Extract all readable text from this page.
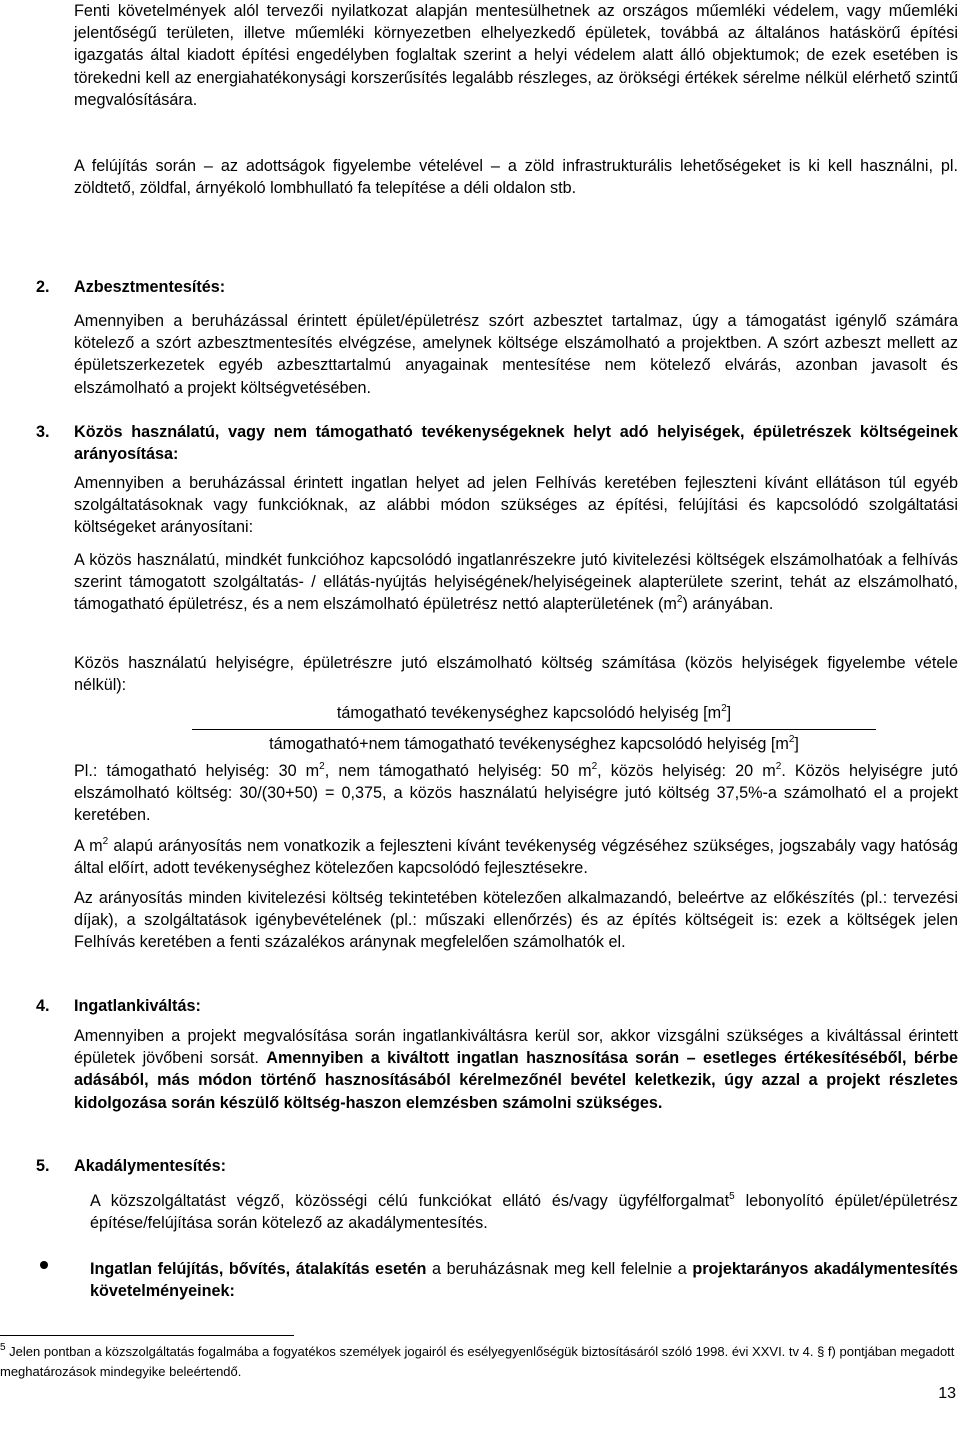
Fenti követelmények alól tervezői nyilatkozat alapján mentesülhetnek az országos műemléki védelem, vagy műemléki jelentőségű területen, illetve műemléki környezetben elhelyezkedő épületek, továbbá az általános hatáskörű építési igazgatás által kiadott építési engedélyben foglaltak szerint a helyi védelem alatt álló objektumok; de ezek esetében is törekedni kell az energiahatékonysági korszerűsítés legalább részleges, az örökségi értékek sérelme nélkül elérhető szintű megvalósítására.

A felújítás során – az adottságok figyelembe vételével – a zöld infrastrukturális lehetőségeket is ki kell használni, pl. zöldtető, zöldfal, árnyékoló lombhullató fa telepítése a déli oldalon stb.

2. Azbesztmentesítés:

Amennyiben a beruházással érintett épület/épületrész szórt azbesztet tartalmaz, úgy a támogatást igénylő számára kötelező a szórt azbesztmentesítés elvégzése, amelynek költsége elszámolható a projektben. A szórt azbeszt mellett az épületszerkezetek egyéb azbeszttartalmú anyagainak mentesítése nem kötelező elvárás, azonban javasolt és elszámolható a projekt költségvetésében.

3. Közös használatú, vagy nem támogatható tevékenységeknek helyt adó helyiségek, épületrészek költségeinek arányosítása:

Amennyiben a beruházással érintett ingatlan helyet ad jelen Felhívás keretében fejleszteni kívánt ellátáson túl egyéb szolgáltatásoknak vagy funkcióknak, az alábbi módon szükséges az építési, felújítási és kapcsolódó szolgáltatási költségeket arányosítani:

A közös használatú, mindkét funkcióhoz kapcsolódó ingatlanrészekre jutó kivitelezési költségek elszámolhatóak a felhívás szerint támogatott szolgáltatás- / ellátás-nyújtás helyiségének/helyiségeinek alapterülete szerint, tehát az elszámolható, támogatható épületrész, és a nem elszámolható épületrész nettó alapterületének $(m^2)$ arányában.

Közös használatú helyiségre, épületrészre jutó elszámolható költség számítása (közös helyiségek figyelembe vétele nélkül):

támogatható tevékenységhez kapcsolódó helyiség $[m^2]$
támogatható+nem támogatható tevékenységhez kapcsolódó helyiség $[m^2]$

Pl.: támogatható helyiség: 30 $m^2$, nem támogatható helyiség: 50 $m^2$, közös helyiség: 20 $m^2$. Közös helyiségre jutó elszámolható költség: 30/(30+50) = 0,375, a közös használatú helyiségre jutó költség 37,5%-a számolható el a projekt keretében.

A $m^2$ alapú arányosítás nem vonatkozik a fejleszteni kívánt tevékenység végzéséhez szükséges, jogszabály vagy hatóság által előírt, adott tevékenységhez kötelezően kapcsolódó fejlesztésekre.

Az arányosítás minden kivitelezési költség tekintetében kötelezően alkalmazandó, beleértve az előkészítés (pl.: tervezési díjak), a szolgáltatások igénybevételének (pl.: műszaki ellenőrzés) és az építés költségeit is: ezek a költségek jelen Felhívás keretében a fenti százalékos aránynak megfelelően számolhatók el.

4. Ingatlankiváltás:

Amennyiben a projekt megvalósítása során ingatlankiváltásra kerül sor, akkor vizsgálni szükséges a kiváltással érintett épületek jövőbeni sorsát. Amennyiben a kiváltott ingatlan hasznosítása során – esetleges értékesítéséből, bérbe adásából, más módon történő hasznosításából kérelmezőnél bevétel keletkezik, úgy azzal a projekt részletes kidolgozása során készülő költség-haszon elemzésben számolni szükséges.

5. Akadálymentesítés:

A közszolgáltatást végző, közösségi célú funkciókat ellátó és/vagy ügyfélforgalmat$^5$ lebonyolító épület/épületrész építése/felújítása során kötelező az akadálymentesítés.

Ingatlan felújítás, bővítés, átalakítás esetén a beruházásnak meg kell felelnie a projektarányos akadálymentesítés követelményeinek:

$^5$ Jelen pontban a közszolgáltatás fogalmába a fogyatékos személyek jogairól és esélyegyenlőségük biztosításáról szóló 1998. évi XXVI. tv 4. § f) pontjában megadott meghatározások mindegyike beleértendő.

13
